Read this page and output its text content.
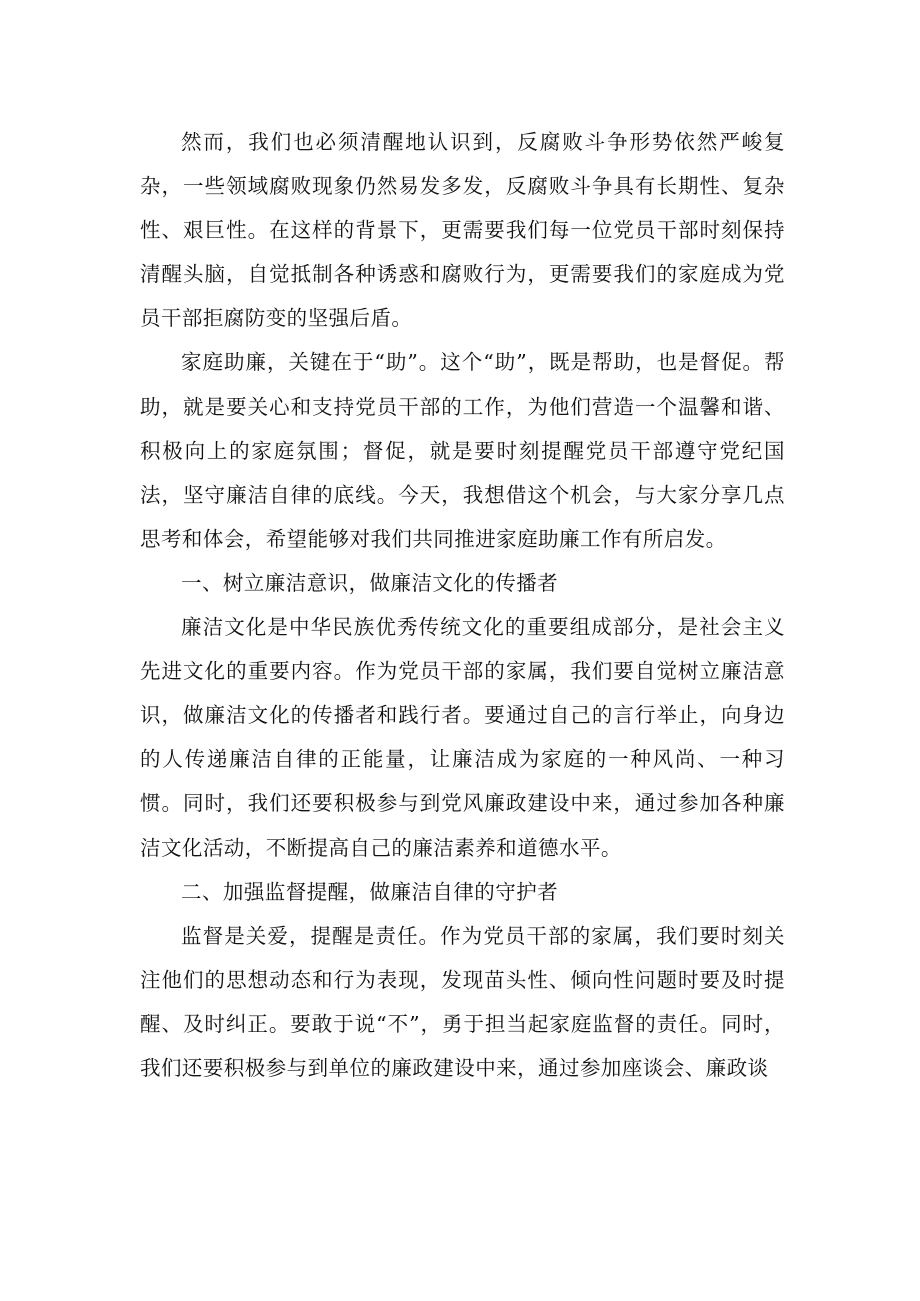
然而，我们也必须清醒地认识到，反腐败斗争形势依然严峻复杂，一些领域腐败现象仍然易发多发，反腐败斗争具有长期性、复杂性、艰巨性。在这样的背景下，更需要我们每一位党员干部时刻保持清醒头脑，自觉抵制各种诱惑和腐败行为，更需要我们的家庭成为党员干部拒腐防变的坚强后盾。

家庭助廉，关键在于“助”。这个“助”，既是帮助，也是督促。帮助，就是要关心和支持党员干部的工作，为他们营造一个温馨和谐、积极向上的家庭氛围；督促，就是要时刻提醒党员干部遵守党纪国法，坚守廉洁自律的底线。今天，我想借这个机会，与大家分享几点思考和体会，希望能够对我们共同推进家庭助廉工作有所启发。

一、树立廉洁意识，做廉洁文化的传播者

廉洁文化是中华民族优秀传统文化的重要组成部分，是社会主义先进文化的重要内容。作为党员干部的家属，我们要自觉树立廉洁意识，做廉洁文化的传播者和践行者。要通过自己的言行举止，向身边的人传递廉洁自律的正能量，让廉洁成为家庭的一种风尚、一种习惯。同时，我们还要积极参与到党风廉政建设中来，通过参加各种廉洁文化活动，不断提高自己的廉洁素养和道德水平。

二、加强监督提醒，做廉洁自律的守护者

监督是关爱，提醒是责任。作为党员干部的家属，我们要时刻关注他们的思想动态和行为表现，发现苗头性、倾向性问题时要及时提醒、及时纠正。要敢于说“不”，勇于担当起家庭监督的责任。同时，我们还要积极参与到单位的廉政建设中来，通过参加座谈会、廉政谈
